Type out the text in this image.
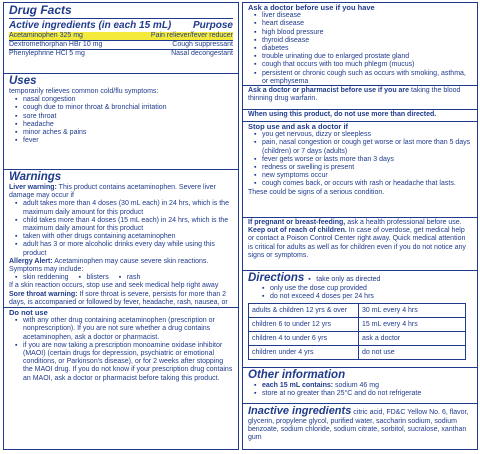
Drug Facts
Active ingredients (in each 15 mL) Purpose
Acetaminophen 325 mg	Pain reliever/fever reducer
Dextromethorphan HBr 10 mg	Cough suppressant
Phenylephrine HCl 5 mg	Nasal decongestant
Uses
temporarily relieves common cold/flu symptoms:
▪ nasal congestion
▪ cough due to minor throat & bronchial irritation
▪ sore throat
▪ headache
▪ minor aches & pains
▪ fever
Warnings
Liver warning: This product contains acetaminophen. Severe liver damage may occur if
▪ adult takes more than 4 doses (30 mL each) in 24 hrs, which is the maximum daily amount for this product
▪ child takes more than 4 doses (15 mL each) in 24 hrs, which is the maximum daily amount for this product
▪ taken with other drugs containing acetaminophen
▪ adult has 3 or more alcoholic drinks every day while using this product
Allergy Alert: Acetaminophen may cause severe skin reactions. Symptoms may include:
▪ skin reddening	▪ blisters	▪ rash
If a skin reaction occurs, stop use and seek medical help right away
Sore throat warning: If sore throat is severe, persists for more than 2 days, is accompanied or followed by fever, headache, rash, nausea, or
Do not use
▪ with any other drug containing acetaminophen (prescription or nonprescription). If you are not sure whether a drug contains acetaminophen, ask a doctor or pharmacist.
▪ if you are now taking a prescription monoamine oxidase inhibitor (MAOI) (certain drugs for depression, psychiatric or emotional conditions, or Parkinson's disease), or for 2 weeks after stopping the MAOI drug. If you do not know if your prescription drug contains an MAOI, ask a doctor or pharmacist before taking this product.
Ask a doctor before use if you have
▪ liver disease
▪ heart disease
▪ high blood pressure
▪ thyroid disease
▪ diabetes
▪ trouble urinating due to enlarged prostate gland
▪ cough that occurs with too much phlegm (mucus)
▪ persistent or chronic cough such as occurs with smoking, asthma, or emphysema
Ask a doctor or pharmacist before use if you are taking the blood thinning drug warfarin.
When using this product, do not use more than directed.
Stop use and ask a doctor if
▪ you get nervous, dizzy or sleepless
▪ pain, nasal congestion or cough get worse or last more than 5 days (children) or 7 days (adults)
▪ fever gets worse or lasts more than 3 days
▪ redness or swelling is present
▪ new symptoms occur
▪ cough comes back, or occurs with rash or headache that lasts.
These could be signs of a serious condition.
If pregnant or breast-feeding, ask a health professional before use. Keep out of reach of children. In case of overdose, get medical help or contact a Poison Control Center right away. Quick medical attention is critical for adults as well as for children even if you do not notice any signs or symptoms.
Directions	▪ take only as directed
▪ only use the dose cup provided
▪ do not exceed 4 doses per 24 hrs
adults & children 12 yrs & over	30 mL every 4 hrs
children 6 to under 12 yrs	15 mL every 4 hrs
children 4 to under 6 yrs	ask a doctor
children under 4 yrs	do not use
Other information
▪ each 15 mL contains: sodium 46 mg
▪ store at no greater than 25°C and do not refrigerate
Inactive ingredients citric acid, FD&C Yellow No. 6, flavor, glycerin, propylene glycol, purified water, saccharin sodium, sodium benzoate, sodium chloride, sodium citrate, sorbitol, sucralose, xanthan gum
